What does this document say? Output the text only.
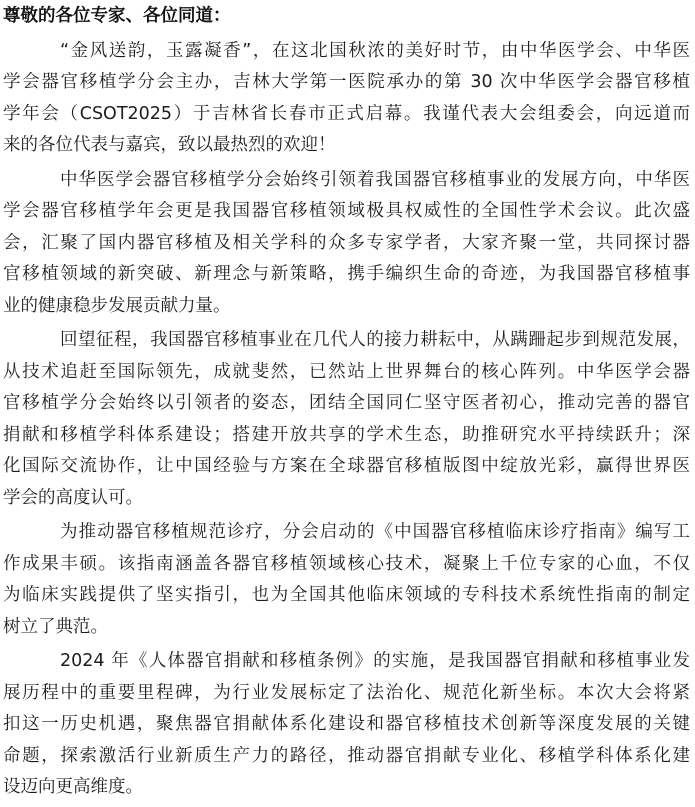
尊敬的各位专家、各位同道：
“金风送韵，玉露凝香”，在这北国秋浓的美好时节，由中华医学会、中华医
学会器官移植学分会主办，吉林大学第一医院承办的第 30 次中华医学会器官移植
学年会（CSOT2025）于吉林省长春市正式启幕。我谨代表大会组委会，向远道而
来的各位代表与嘉宾，致以最热烈的欢迎！
中华医学会器官移植学分会始终引领着我国器官移植事业的发展方向，中华医
学会器官移植学年会更是我国器官移植领域极具权威性的全国性学术会议。此次盛
会，汇聚了国内器官移植及相关学科的众多专家学者，大家齐聚一堂，共同探讨器
官移植领域的新突破、新理念与新策略，携手编织生命的奇迹，为我国器官移植事
业的健康稳步发展贡献力量。
回望征程，我国器官移植事业在几代人的接力耕耘中，从蹒跚起步到规范发展，
从技术追赶至国际领先，成就斐然，已然站上世界舞台的核心阵列。中华医学会器
官移植学分会始终以引领者的姿态，团结全国同仁坚守医者初心，推动完善的器官
捐献和移植学科体系建设；搭建开放共享的学术生态，助推研究水平持续跃升；深
化国际交流协作，让中国经验与方案在全球器官移植版图中绽放光彩，赢得世界医
学会的高度认可。
为推动器官移植规范诊疗，分会启动的《中国器官移植临床诊疗指南》编写工
作成果丰硕。该指南涵盖各器官移植领域核心技术，凝聚上千位专家的心血，不仅
为临床实践提供了坚实指引，也为全国其他临床领域的专科技术系统性指南的制定
树立了典范。
2024 年《人体器官捐献和移植条例》的实施，是我国器官捐献和移植事业发
展历程中的重要里程碑，为行业发展标定了法治化、规范化新坐标。本次大会将紧
扣这一历史机遇，聚焦器官捐献体系化建设和器官移植技术创新等深度发展的关键
命题，探索激活行业新质生产力的路径，推动器官捐献专业化、移植学科体系化建
设迈向更高维度。
